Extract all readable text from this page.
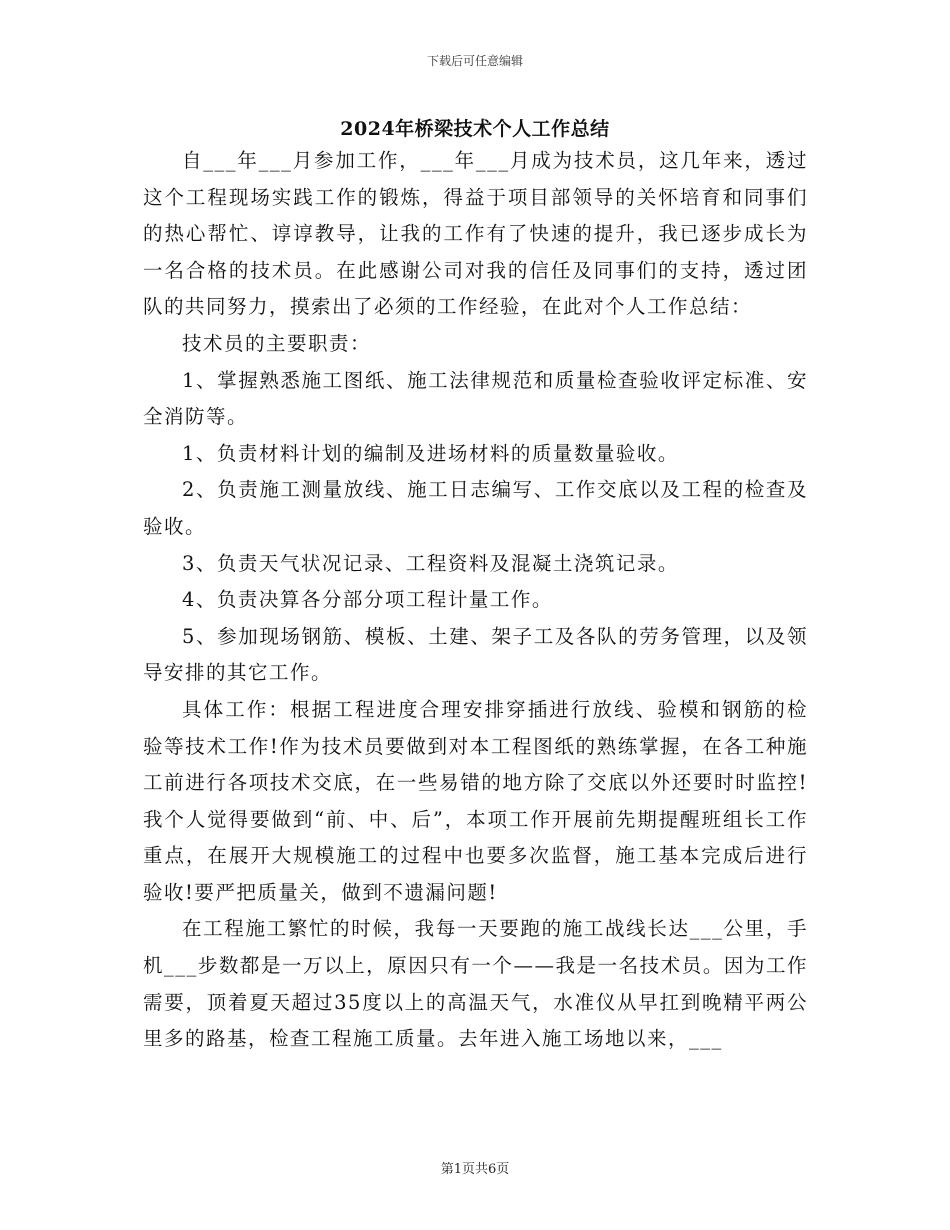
下载后可任意编辑
2024年桥梁技术个人工作总结

自___年___月参加工作，___年___月成为技术员，这几年来，透过这个工程现场实践工作的锻炼，得益于项目部领导的关怀培育和同事们的热心帮忙、谆谆教导，让我的工作有了快速的提升，我已逐步成长为一名合格的技术员。在此感谢公司对我的信任及同事们的支持，透过团队的共同努力，摸索出了必须的工作经验，在此对个人工作总结：

技术员的主要职责：

1、掌握熟悉施工图纸、施工法律规范和质量检查验收评定标准、安全消防等。

1、负责材料计划的编制及进场材料的质量数量验收。

2、负责施工测量放线、施工日志编写、工作交底以及工程的检查及验收。

3、负责天气状况记录、工程资料及混凝土浇筑记录。

4、负责决算各分部分项工程计量工作。

5、参加现场钢筋、模板、土建、架子工及各队的劳务管理，以及领导安排的其它工作。

具体工作：根据工程进度合理安排穿插进行放线、验模和钢筋的检验等技术工作!作为技术员要做到对本工程图纸的熟练掌握，在各工种施工前进行各项技术交底，在一些易错的地方除了交底以外还要时时监控!我个人觉得要做到“前、中、后”，本项工作开展前先期提醒班组长工作重点，在展开大规模施工的过程中也要多次监督，施工基本完成后进行验收!要严把质量关，做到不遗漏问题!

在工程施工繁忙的时候，我每一天要跑的施工战线长达___公里，手机___步数都是一万以上，原因只有一个——我是一名技术员。因为工作需要，顶着夏天超过35度以上的高温天气，水准仪从早扛到晚精平两公里多的路基，检查工程施工质量。去年进入施工场地以来，___

第1页共6页
